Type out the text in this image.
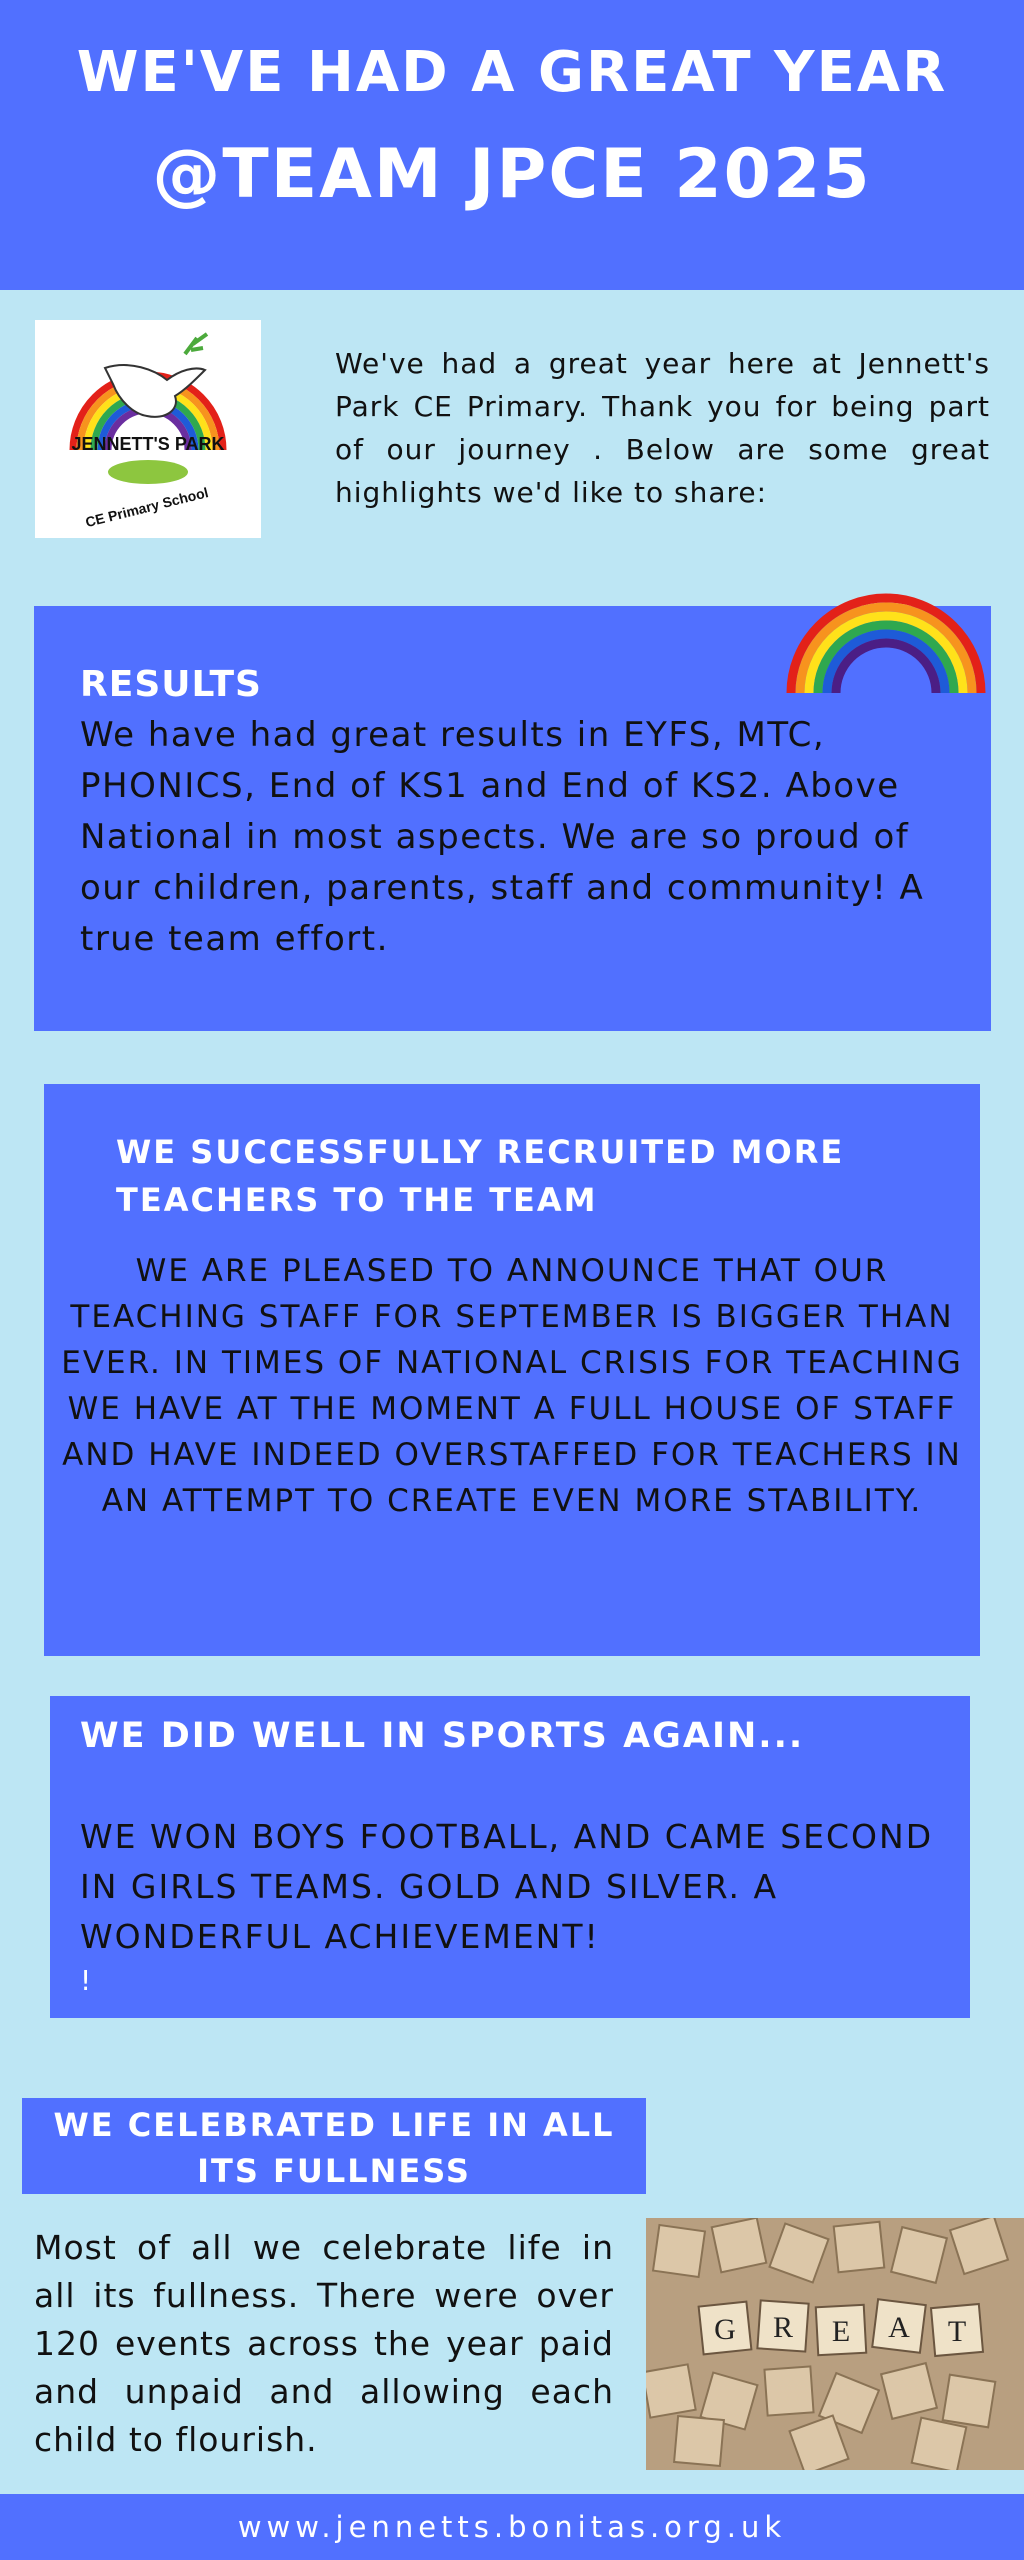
WE'VE HAD A GREAT YEAR
@TEAM JPCE 2025
JENNETT'S PARK
CE Primary School

We've had a great year here at Jennett's Park CE Primary. Thank you for being part of our journey . Below are some great highlights we'd like to share:

RESULTS

We have had great results in EYFS, MTC, PHONICS, End of KS1 and End of KS2. Above National in most aspects. We are so proud of our children, parents, staff and community! A true team effort.

WE SUCCESSFULLY RECRUITED MORE TEACHERS TO THE TEAM

WE ARE PLEASED TO ANNOUNCE THAT OUR TEACHING STAFF FOR SEPTEMBER IS BIGGER THAN EVER. IN TIMES OF NATIONAL CRISIS FOR TEACHING WE HAVE AT THE MOMENT A FULL HOUSE OF STAFF AND HAVE INDEED OVERSTAFFED FOR TEACHERS IN AN ATTEMPT TO CREATE EVEN MORE STABILITY.

WE DID WELL IN SPORTS AGAIN...

WE WON BOYS FOOTBALL, AND CAME SECOND IN GIRLS TEAMS. GOLD AND SILVER. A WONDERFUL ACHIEVEMENT!

!
WE CELEBRATED LIFE IN ALL ITS FULLNESS

Most of all we celebrate life in all its fullness. There were over 120 events across the year paid and unpaid and allowing each child to flourish.

G R E A T
www.jennetts.bonitas.org.uk
